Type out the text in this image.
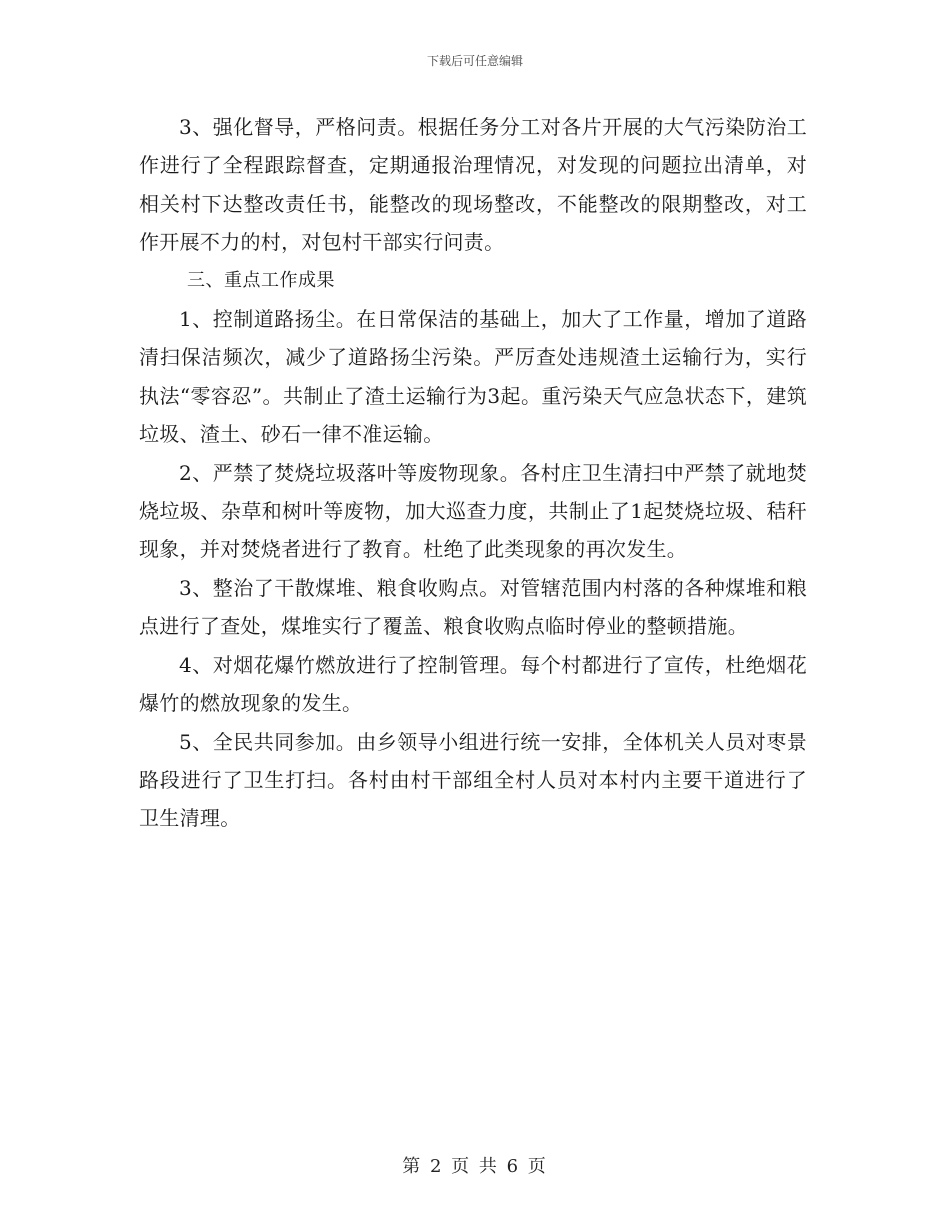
下载后可任意编辑

3、强化督导，严格问责。根据任务分工对各片开展的大气污染防治工作进行了全程跟踪督查，定期通报治理情况，对发现的问题拉出清单，对相关村下达整改责任书，能整改的现场整改，不能整改的限期整改，对工作开展不力的村，对包村干部实行问责。

三、重点工作成果

1、控制道路扬尘。在日常保洁的基础上，加大了工作量，增加了道路清扫保洁频次，减少了道路扬尘污染。严厉查处违规渣土运输行为，实行执法“零容忍”。共制止了渣土运输行为3起。重污染天气应急状态下，建筑垃圾、渣土、砂石一律不准运输。

2、严禁了焚烧垃圾落叶等废物现象。各村庄卫生清扫中严禁了就地焚烧垃圾、杂草和树叶等废物，加大巡查力度，共制止了1起焚烧垃圾、秸秆现象，并对焚烧者进行了教育。杜绝了此类现象的再次发生。

3、整治了干散煤堆、粮食收购点。对管辖范围内村落的各种煤堆和粮点进行了查处，煤堆实行了覆盖、粮食收购点临时停业的整顿措施。

4、对烟花爆竹燃放进行了控制管理。每个村都进行了宣传，杜绝烟花爆竹的燃放现象的发生。

5、全民共同参加。由乡领导小组进行统一安排，全体机关人员对枣景路段进行了卫生打扫。各村由村干部组全村人员对本村内主要干道进行了卫生清理。

第 2 页 共 6 页
